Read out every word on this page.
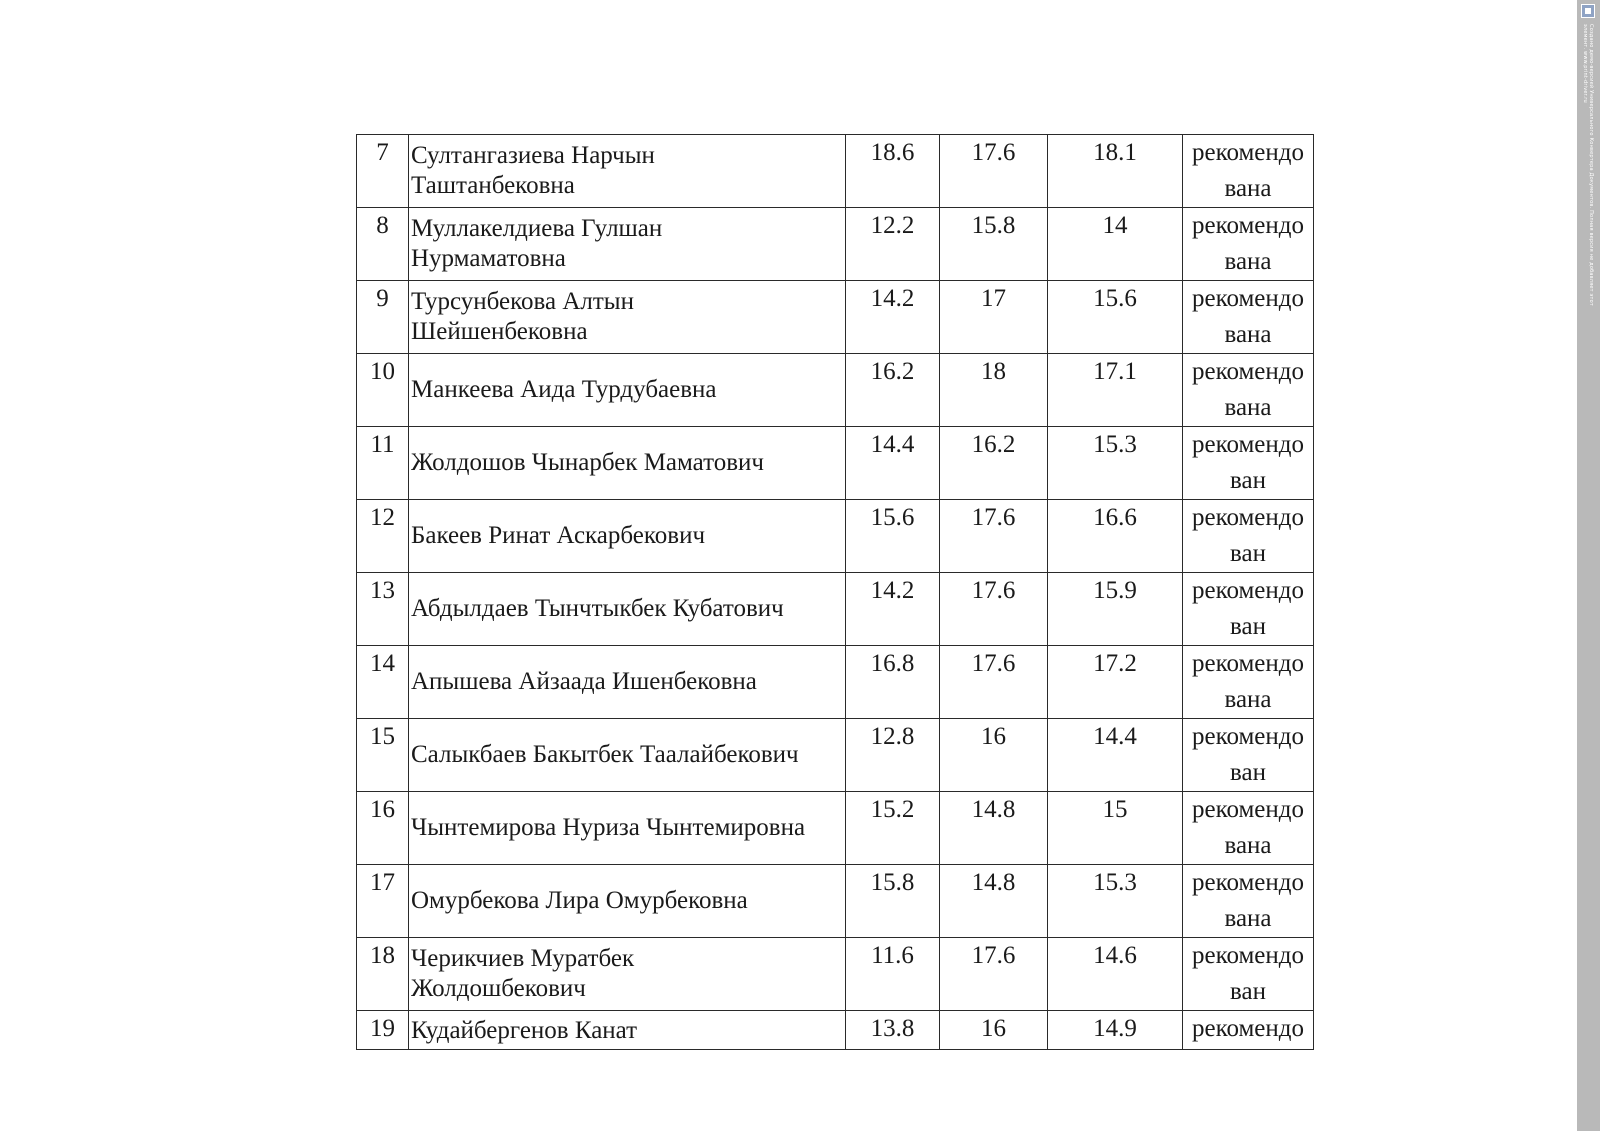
Создано демо-версией Универсального Конвертера Документов. Полная версия не добавляет этот элемент. www.print-driver.ru
7	Султангазиева Нарчын
Таштанбековна	18.6	17.6	18.1	рекомендо
вана

8	Муллакелдиева Гулшан
Нурмаматовна	12.2	15.8	14	рекомендо
вана

9	Турсунбекова Алтын
Шейшенбековна	14.2	17	15.6	рекомендо
вана

10	Манкеева Аида Турдубаевна	16.2	18	17.1	рекомендо
вана

11	Жолдошов Чынарбек Маматович	14.4	16.2	15.3	рекомендо
ван

12	Бакеев Ринат Аскарбекович	15.6	17.6	16.6	рекомендо
ван

13	Абдылдаев Тынчтыкбек Кубатович	14.2	17.6	15.9	рекомендо
ван

14	Апышева Айзаада Ишенбековна	16.8	17.6	17.2	рекомендо
вана

15	Салыкбаев Бакытбек Таалайбекович	12.8	16	14.4	рекомендо
ван

16	Чынтемирова Нуриза Чынтемировна	15.2	14.8	15	рекомендо
вана

17	Омурбекова Лира Омурбековна	15.8	14.8	15.3	рекомендо
вана

18	Черикчиев Муратбек
Жолдошбекович	11.6	17.6	14.6	рекомендо
ван

19	Кудайбергенов Канат	13.8	16	14.9	рекомендо
